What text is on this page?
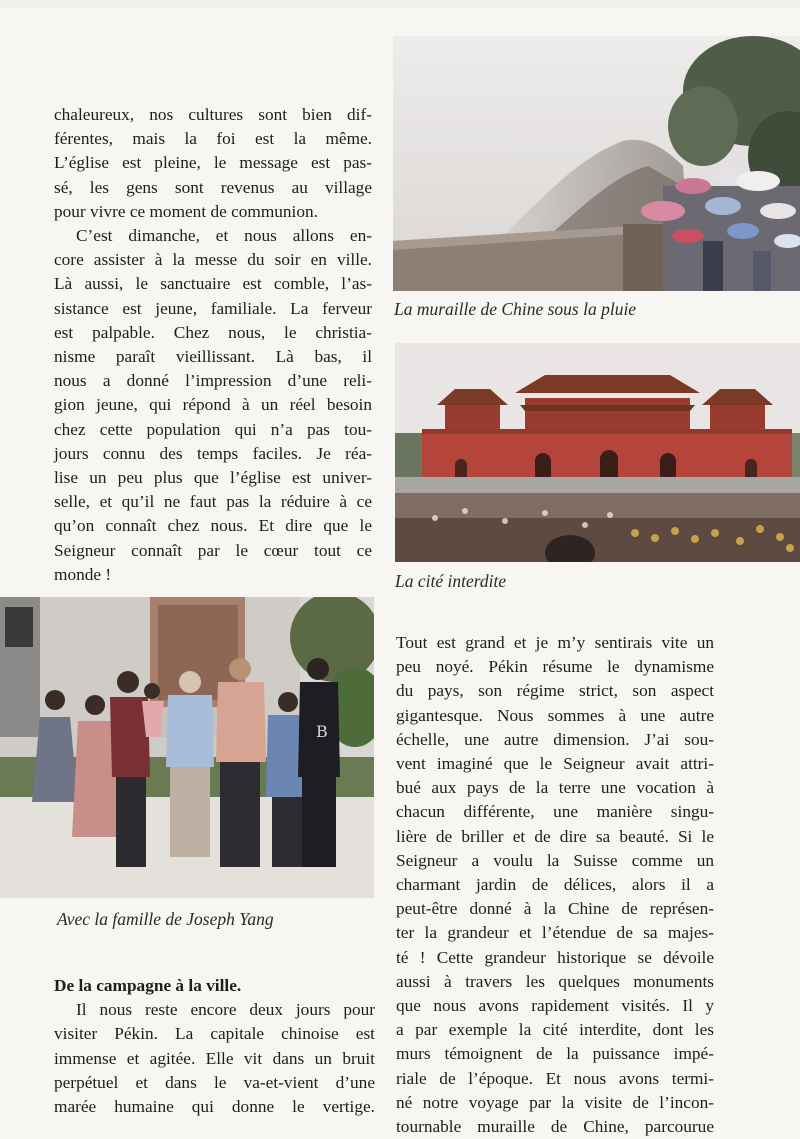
chaleureux, nos cultures sont bien dif-
férentes, mais la foi est la même.
L’église est pleine, le message est pas-
sé, les gens sont revenus au village
pour vivre ce moment de communion.

C’est dimanche, et nous allons en-
core assister à la messe du soir en ville.
Là aussi, le sanctuaire est comble, l’as-
sistance est jeune, familiale. La ferveur
est palpable. Chez nous, le christia-
nisme paraît vieillissant. Là bas, il
nous a donné l’impression d’une reli-
gion jeune, qui répond à un réel besoin
chez cette population qui n’a pas tou-
jours connu des temps faciles. Je réa-
lise un peu plus que l’église est univer-
selle, et qu’il ne faut pas la réduire à ce
qu’on connaît chez nous. Et dire que le
Seigneur connaît par le cœur tout ce
monde !

La muraille de Chine sous la pluie
La cité interdite
B
Avec la famille de Joseph Yang

De la campagne à la ville.

Il nous reste encore deux jours pour
visiter Pékin. La capitale chinoise est
immense et agitée. Elle vit dans un bruit
perpétuel et dans le va-et-vient d’une
marée humaine qui donne le vertige.

Tout est grand et je m’y sentirais vite un
peu noyé. Pékin résume le dynamisme
du pays, son régime strict, son aspect
gigantesque. Nous sommes à une autre
échelle, une autre dimension. J’ai sou-
vent imaginé que le Seigneur avait attri-
bué aux pays de la terre une vocation à
chacun différente, une manière singu-
lière de briller et de dire sa beauté. Si le
Seigneur a voulu la Suisse comme un
charmant jardin de délices, alors il a
peut-être donné à la Chine de représen-
ter la grandeur et l’étendue de sa majes-
té ! Cette grandeur historique se dévoile
aussi à travers les quelques monuments
que nous avons rapidement visités. Il y
a par exemple la cité interdite, dont les
murs témoignent de la puissance impé-
riale de l’époque. Et nous avons termi-
né notre voyage par la visite de l’incon-
tournable muraille de Chine, parcourue
